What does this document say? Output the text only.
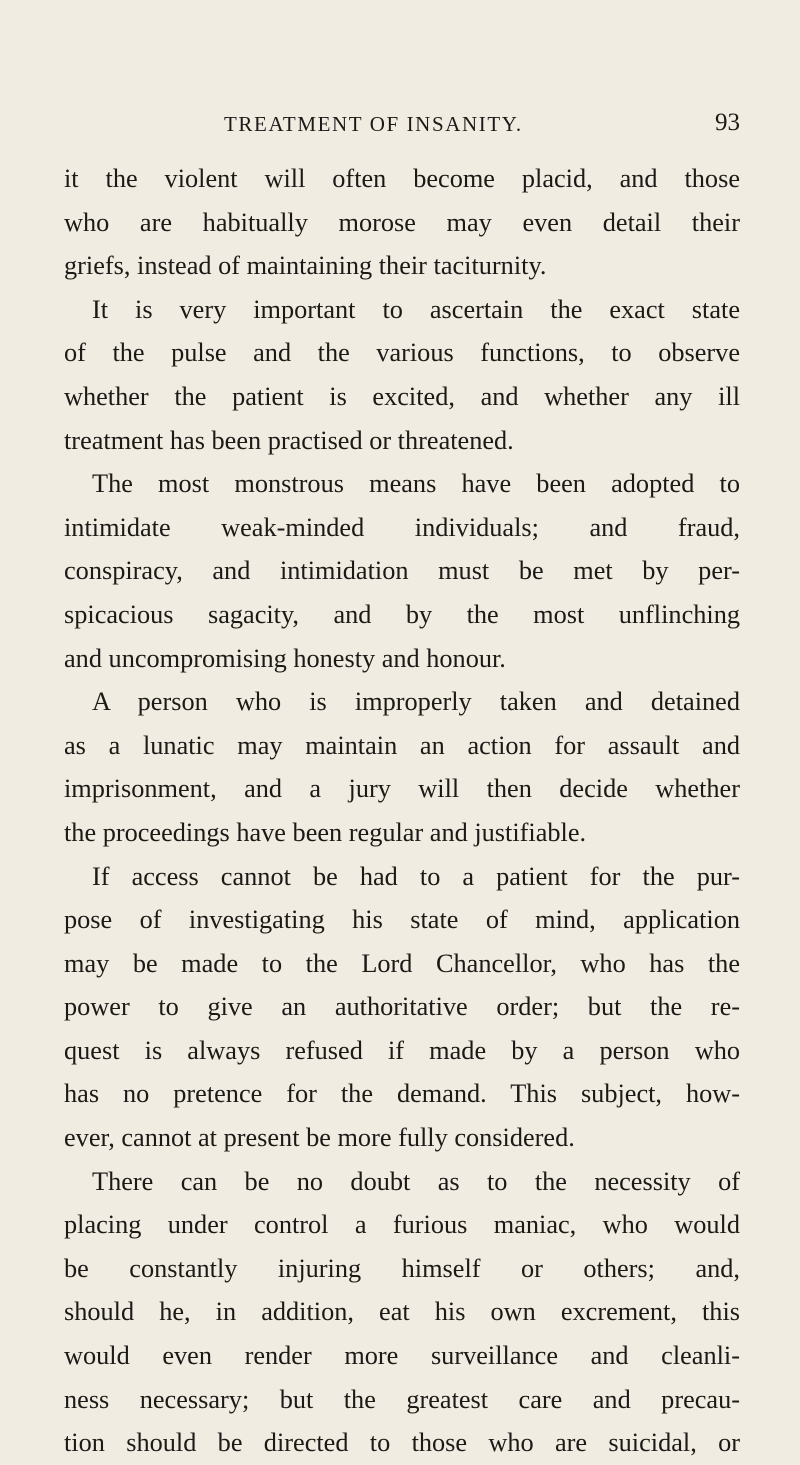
TREATMENT OF INSANITY.	93
it the violent will often become placid, and those
who are habitually morose may even detail their
griefs, instead of maintaining their taciturnity.
It is very important to ascertain the exact state
of the pulse and the various functions, to observe
whether the patient is excited, and whether any ill
treatment has been practised or threatened.
The most monstrous means have been adopted to
intimidate weak-minded individuals; and fraud,
conspiracy, and intimidation must be met by per-
spicacious sagacity, and by the most unflinching
and uncompromising honesty and honour.
A person who is improperly taken and detained
as a lunatic may maintain an action for assault and
imprisonment, and a jury will then decide whether
the proceedings have been regular and justifiable.
If access cannot be had to a patient for the pur-
pose of investigating his state of mind, application
may be made to the Lord Chancellor, who has the
power to give an authoritative order; but the re-
quest is always refused if made by a person who
has no pretence for the demand. This subject, how-
ever, cannot at present be more fully considered.
There can be no doubt as to the necessity of
placing under control a furious maniac, who would
be constantly injuring himself or others; and,
should he, in addition, eat his own excrement, this
would even render more surveillance and cleanli-
ness necessary; but the greatest care and precau-
tion should be directed to those who are suicidal, or
